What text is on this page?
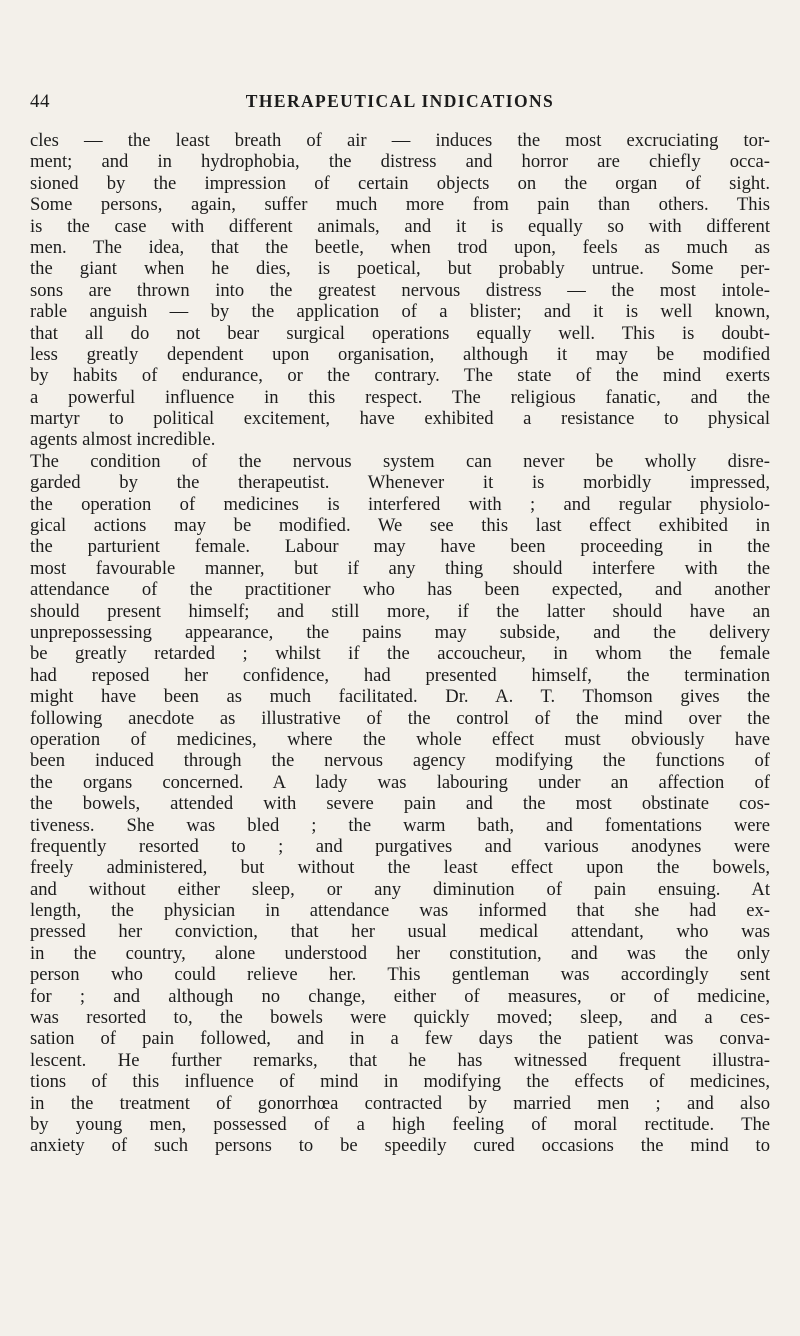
44	THERAPEUTICAL INDICATIONS
cles — the least breath of air — induces the most excruciating tor-
ment; and in hydrophobia, the distress and horror are chiefly occa-
sioned by the impression of certain objects on the organ of sight.
Some persons, again, suffer much more from pain than others. This
is the case with different animals, and it is equally so with different
men. The idea, that the beetle, when trod upon, feels as much as
the giant when he dies, is poetical, but probably untrue. Some per-
sons are thrown into the greatest nervous distress — the most intole-
rable anguish — by the application of a blister; and it is well known,
that all do not bear surgical operations equally well. This is doubt-
less greatly dependent upon organisation, although it may be modified
by habits of endurance, or the contrary. The state of the mind exerts
a powerful influence in this respect. The religious fanatic, and the
martyr to political excitement, have exhibited a resistance to physical
agents almost incredible.
The condition of the nervous system can never be wholly disre-
garded by the therapeutist. Whenever it is morbidly impressed,
the operation of medicines is interfered with ; and regular physiolo-
gical actions may be modified. We see this last effect exhibited in
the parturient female. Labour may have been proceeding in the
most favourable manner, but if any thing should interfere with the
attendance of the practitioner who has been expected, and another
should present himself; and still more, if the latter should have an
unprepossessing appearance, the pains may subside, and the delivery
be greatly retarded ; whilst if the accoucheur, in whom the female
had reposed her confidence, had presented himself, the termination
might have been as much facilitated. Dr. A. T. Thomson gives the
following anecdote as illustrative of the control of the mind over the
operation of medicines, where the whole effect must obviously have
been induced through the nervous agency modifying the functions of
the organs concerned. A lady was labouring under an affection of
the bowels, attended with severe pain and the most obstinate cos-
tiveness. She was bled ; the warm bath, and fomentations were
frequently resorted to ; and purgatives and various anodynes were
freely administered, but without the least effect upon the bowels,
and without either sleep, or any diminution of pain ensuing. At
length, the physician in attendance was informed that she had ex-
pressed her conviction, that her usual medical attendant, who was
in the country, alone understood her constitution, and was the only
person who could relieve her. This gentleman was accordingly sent
for ; and although no change, either of measures, or of medicine,
was resorted to, the bowels were quickly moved; sleep, and a ces-
sation of pain followed, and in a few days the patient was conva-
lescent. He further remarks, that he has witnessed frequent illustra-
tions of this influence of mind in modifying the effects of medicines,
in the treatment of gonorrhœa contracted by married men ; and also
by young men, possessed of a high feeling of moral rectitude. The
anxiety of such persons to be speedily cured occasions the mind to
